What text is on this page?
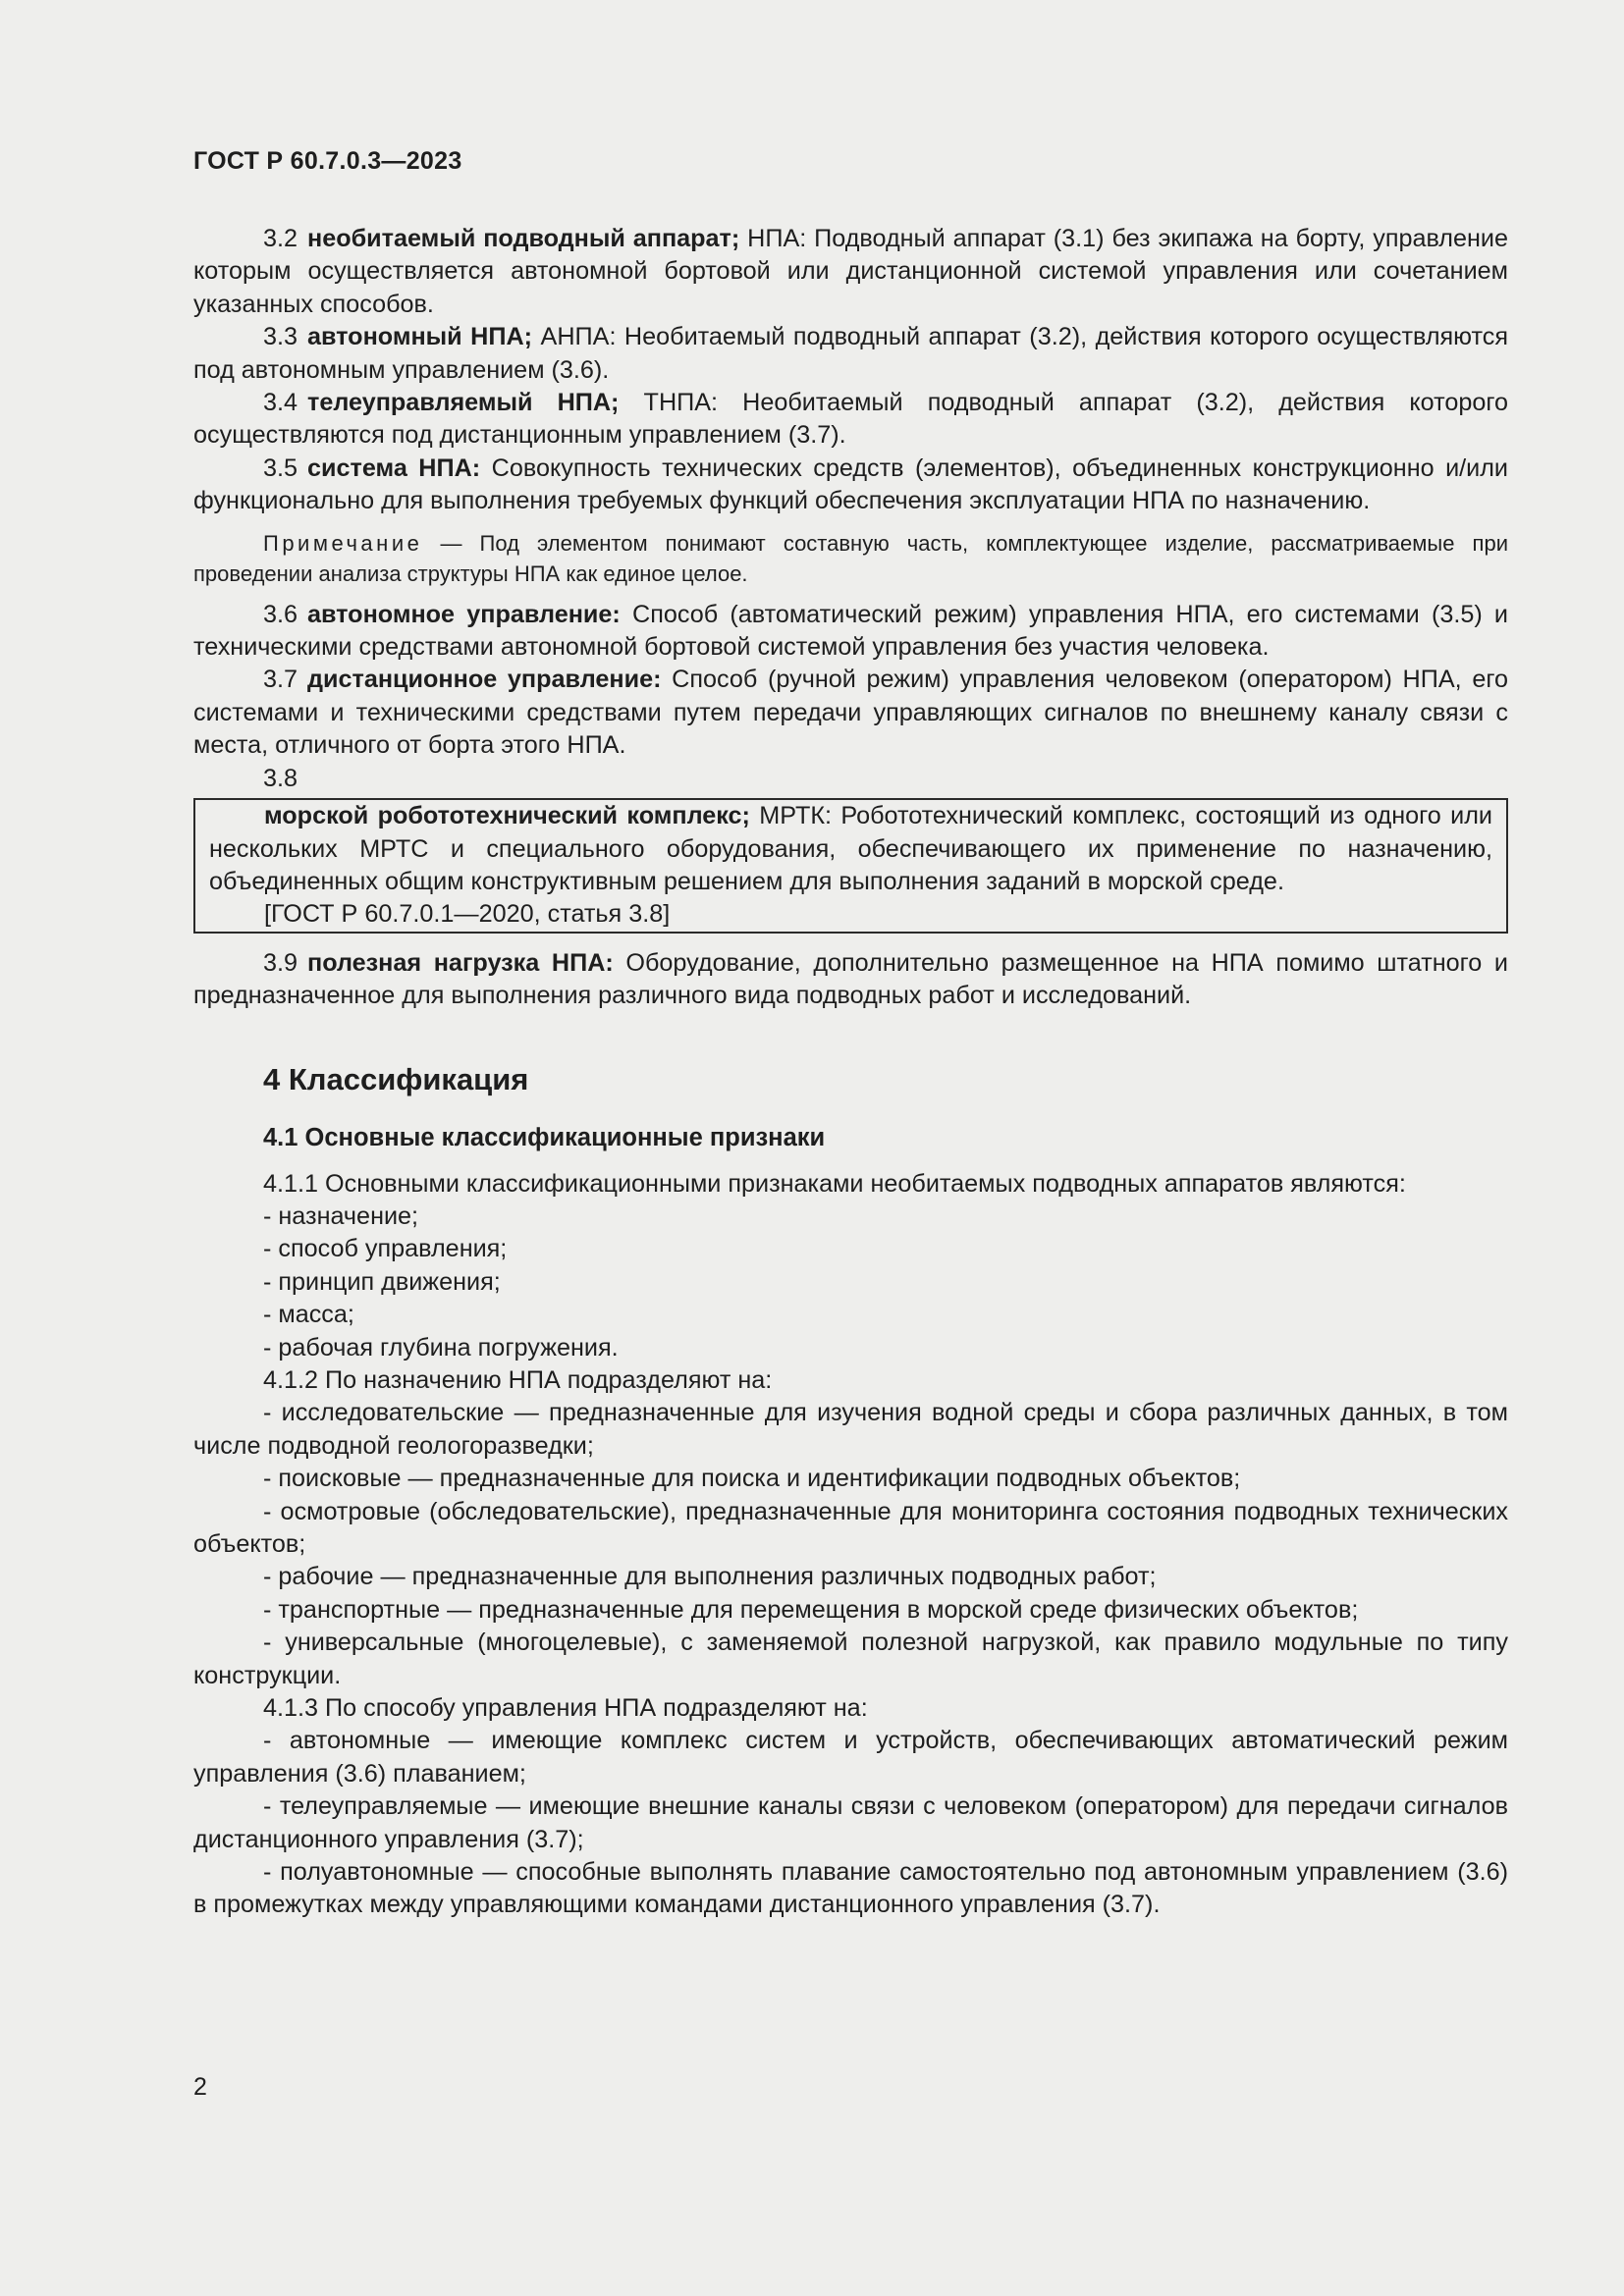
ГОСТ Р 60.7.0.3—2023

3.2 необитаемый подводный аппарат; НПА: Подводный аппарат (3.1) без экипажа на борту, управление которым осуществляется автономной бортовой или дистанционной системой управления или сочетанием указанных способов.

3.3 автономный НПА; АНПА: Необитаемый подводный аппарат (3.2), действия которого осуществляются под автономным управлением (3.6).

3.4 телеуправляемый НПА; ТНПА: Необитаемый подводный аппарат (3.2), действия которого осуществляются под дистанционным управлением (3.7).

3.5 система НПА: Совокупность технических средств (элементов), объединенных конструкционно и/или функционально для выполнения требуемых функций обеспечения эксплуатации НПА по назначению.

Примечание — Под элементом понимают составную часть, комплектующее изделие, рассматриваемые при проведении анализа структуры НПА как единое целое.

3.6 автономное управление: Способ (автоматический режим) управления НПА, его системами (3.5) и техническими средствами автономной бортовой системой управления без участия человека.

3.7 дистанционное управление: Способ (ручной режим) управления человеком (оператором) НПА, его системами и техническими средствами путем передачи управляющих сигналов по внешнему каналу связи с места, отличного от борта этого НПА.

3.8

морской робототехнический комплекс; МРТК: Робототехнический комплекс, состоящий из одного или нескольких МРТС и специального оборудования, обеспечивающего их применение по назначению, объединенных общим конструктивным решением для выполнения заданий в морской среде.

[ГОСТ Р 60.7.0.1—2020, статья 3.8]

3.9 полезная нагрузка НПА: Оборудование, дополнительно размещенное на НПА помимо штатного и предназначенное для выполнения различного вида подводных работ и исследований.

4 Классификация
4.1 Основные классификационные признаки

4.1.1 Основными классификационными признаками необитаемых подводных аппаратов являются:

- назначение;

- способ управления;

- принцип движения;

- масса;

- рабочая глубина погружения.

4.1.2 По назначению НПА подразделяют на:

- исследовательские — предназначенные для изучения водной среды и сбора различных данных, в том числе подводной геологоразведки;

- поисковые — предназначенные для поиска и идентификации подводных объектов;

- осмотровые (обследовательские), предназначенные для мониторинга состояния подводных технических объектов;

- рабочие — предназначенные для выполнения различных подводных работ;

- транспортные — предназначенные для перемещения в морской среде физических объектов;

- универсальные (многоцелевые), с заменяемой полезной нагрузкой, как правило модульные по типу конструкции.

4.1.3 По способу управления НПА подразделяют на:

- автономные — имеющие комплекс систем и устройств, обеспечивающих автоматический режим управления (3.6) плаванием;

- телеуправляемые — имеющие внешние каналы связи с человеком (оператором) для передачи сигналов дистанционного управления (3.7);

- полуавтономные — способные выполнять плавание самостоятельно под автономным управлением (3.6) в промежутках между управляющими командами дистанционного управления (3.7).

2
